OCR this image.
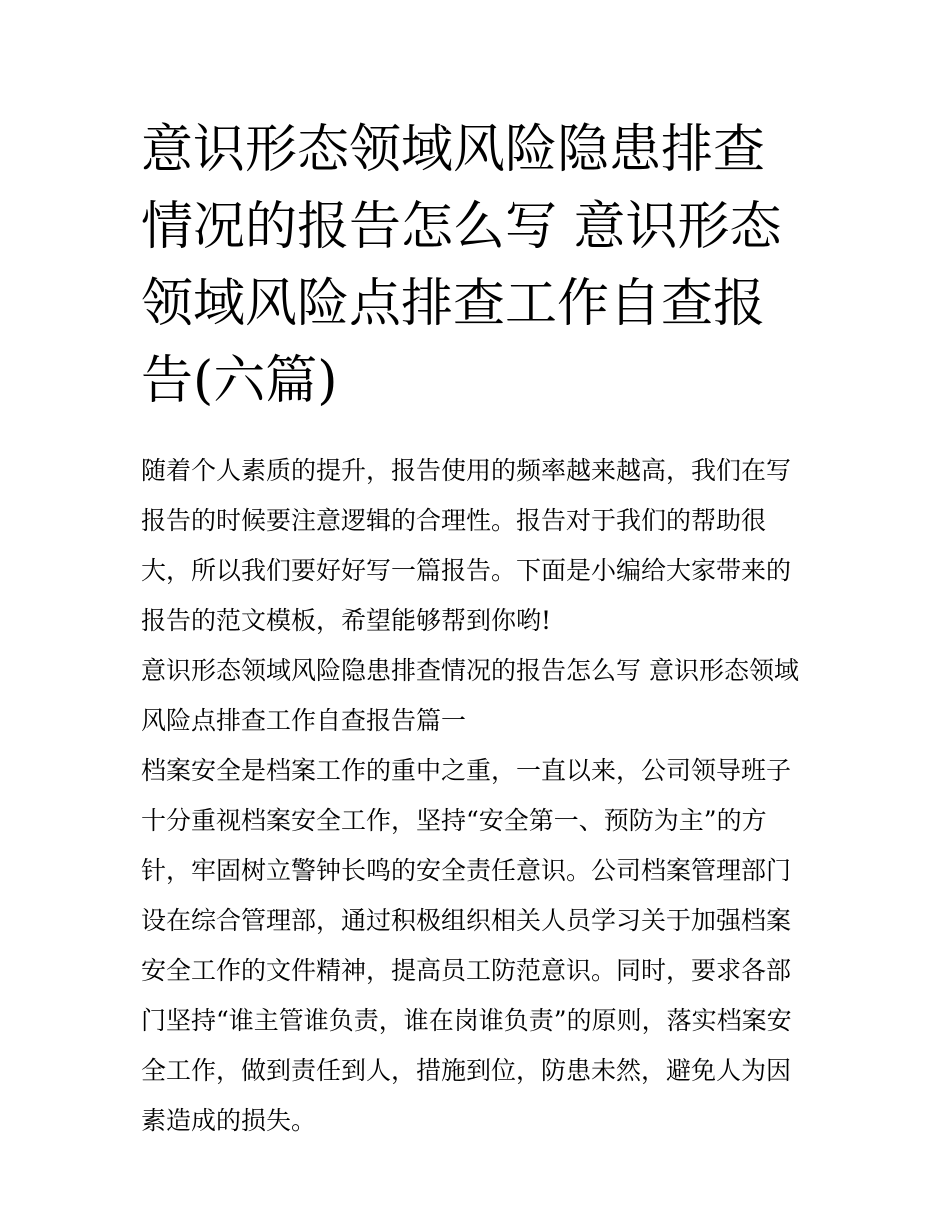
意识形态领域风险隐患排查情况的报告怎么写 意识形态领域风险点排查工作自查报告(六篇)

随着个人素质的提升，报告使用的频率越来越高，我们在写报告的时候要注意逻辑的合理性。报告对于我们的帮助很大，所以我们要好好写一篇报告。下面是小编给大家带来的报告的范文模板，希望能够帮到你哟!

意识形态领域风险隐患排查情况的报告怎么写 意识形态领域风险点排查工作自查报告篇一

档案安全是档案工作的重中之重，一直以来，公司领导班子十分重视档案安全工作，坚持“安全第一、预防为主”的方针，牢固树立警钟长鸣的安全责任意识。公司档案管理部门设在综合管理部，通过积极组织相关人员学习关于加强档案安全工作的文件精神，提高员工防范意识。同时，要求各部门坚持“谁主管谁负责，谁在岗谁负责”的原则，落实档案安全工作，做到责任到人，措施到位，防患未然，避免人为因素造成的损失。
